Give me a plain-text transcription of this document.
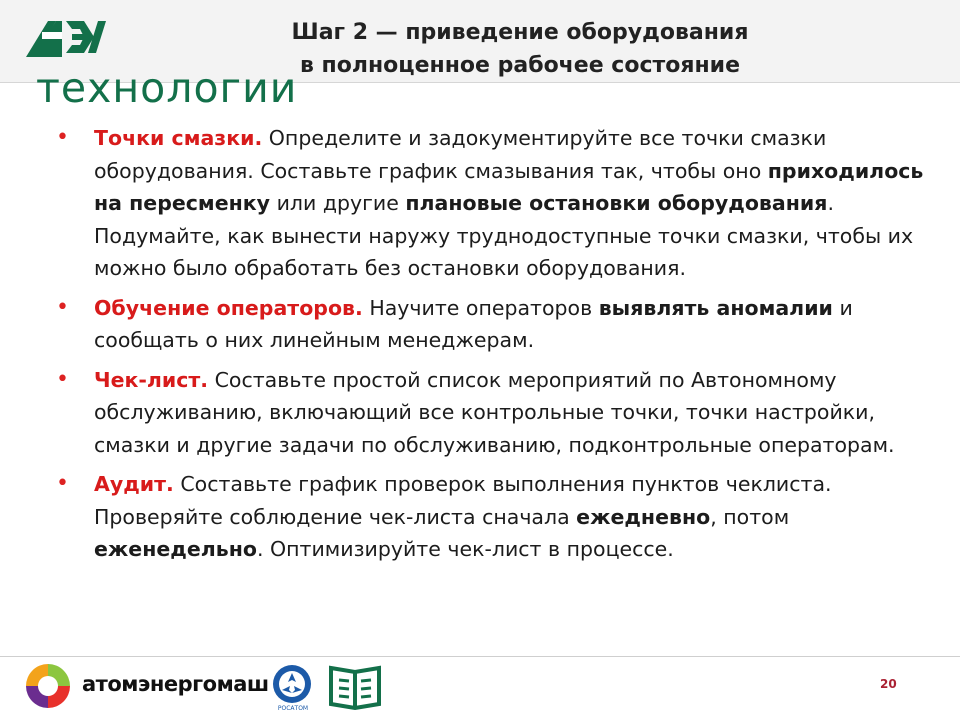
технологии

Шаг 2 — приведение оборудования
в полноценное рабочее состояние
• Точки смазки. Определите и задокументируйте все точки смазки оборудования. Составьте график смазывания так, чтобы оно приходилось на пересменку или другие плановые остановки оборудования. Подумайте, как вынести наружу труднодоступные точки смазки, чтобы их можно было обработать без остановки оборудования.
• Обучение операторов. Научите операторов выявлять аномалии и сообщать о них линейным менеджерам.
• Чек-лист. Составьте простой список мероприятий по Автономному обслуживанию, включающий все контрольные точки, точки настройки, смазки и другие задачи по обслуживанию, подконтрольные операторам.
• Аудит. Составьте график проверок выполнения пунктов чеклиста. Проверяйте соблюдение чек-листа сначала ежедневно, потом еженедельно. Оптимизируйте чек-лист в процессе.

атомэнергомаш

РОСАТОМ

20
